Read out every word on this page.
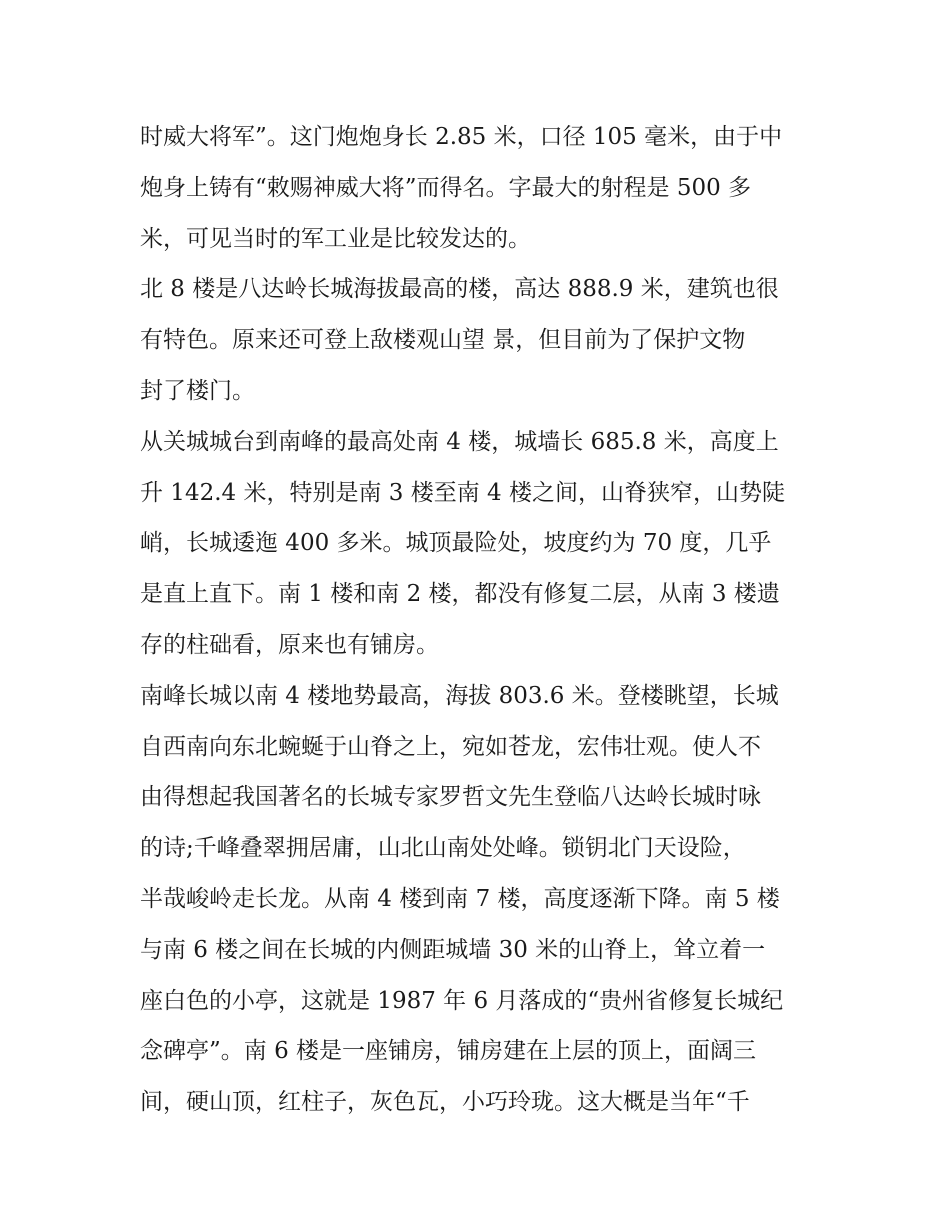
时威大将军”。这门炮炮身长 2.85 米，口径 105 毫米，由于中
炮身上铸有“敕赐神威大将”而得名。字最大的射程是 500 多
米，可见当时的军工业是比较发达的。
北 8 楼是八达岭长城海拔最高的楼，高达 888.9 米，建筑也很
有特色。原来还可登上敌楼观山望 景，但目前为了保护文物
封了楼门。
从关城城台到南峰的最高处南 4 楼，城墙长 685.8 米，高度上
升 142.4 米，特别是南 3 楼至南 4 楼之间，山脊狭窄，山势陡
峭，长城逶迤 400 多米。城顶最险处，坡度约为 70 度，几乎
是直上直下。南 1 楼和南 2 楼，都没有修复二层，从南 3 楼遗
存的柱础看，原来也有铺房。
南峰长城以南 4 楼地势最高，海拔 803.6 米。登楼眺望，长城
自西南向东北蜿蜒于山脊之上，宛如苍龙，宏伟壮观。使人不
由得想起我国著名的长城专家罗哲文先生登临八达岭长城时咏
的诗;千峰叠翠拥居庸，山北山南处处峰。锁钥北门天设险，
半哉峻岭走长龙。从南 4 楼到南 7 楼，高度逐渐下降。南 5 楼
与南 6 楼之间在长城的内侧距城墙 30 米的山脊上，耸立着一
座白色的小亭，这就是 1987 年 6 月落成的“贵州省修复长城纪
念碑亭”。南 6 楼是一座铺房，铺房建在上层的顶上，面阔三
间，硬山顶，红柱子，灰色瓦，小巧玲珑。这大概是当年“千
